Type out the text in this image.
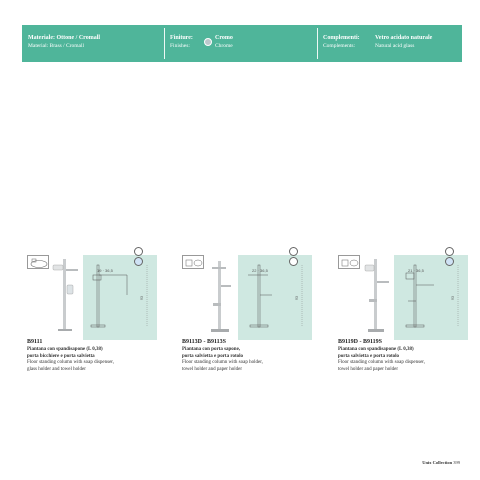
Materiale: Ottone / Cromall
Material: Brass / Cromall
Finiture:
Finishes:
Cromo
Chrome
Complementi:
Complements:
Vetro acidato naturale
Natural acid glass
93
19 · 36,5
B9111
Piantana con spandisapone (L 0,38)
porta bicchiere e porta salvietta
Floor standing column with soap dispenser,
glass holder and towel holder
93
22 · 36,5
B9113D - B9113S
Piantana con porta sapone,
porta salvietta e porta rotolo
Floor standing column with soap holder,
towel holder and paper holder
93
21 · 36,5
B9119D - B9119S
Piantana con spandisapone (L 0,38)
porta salvietta e porta rotolo
Floor standing column with soap dispenser,
towel holder and paper holder
Unix Collection 399
